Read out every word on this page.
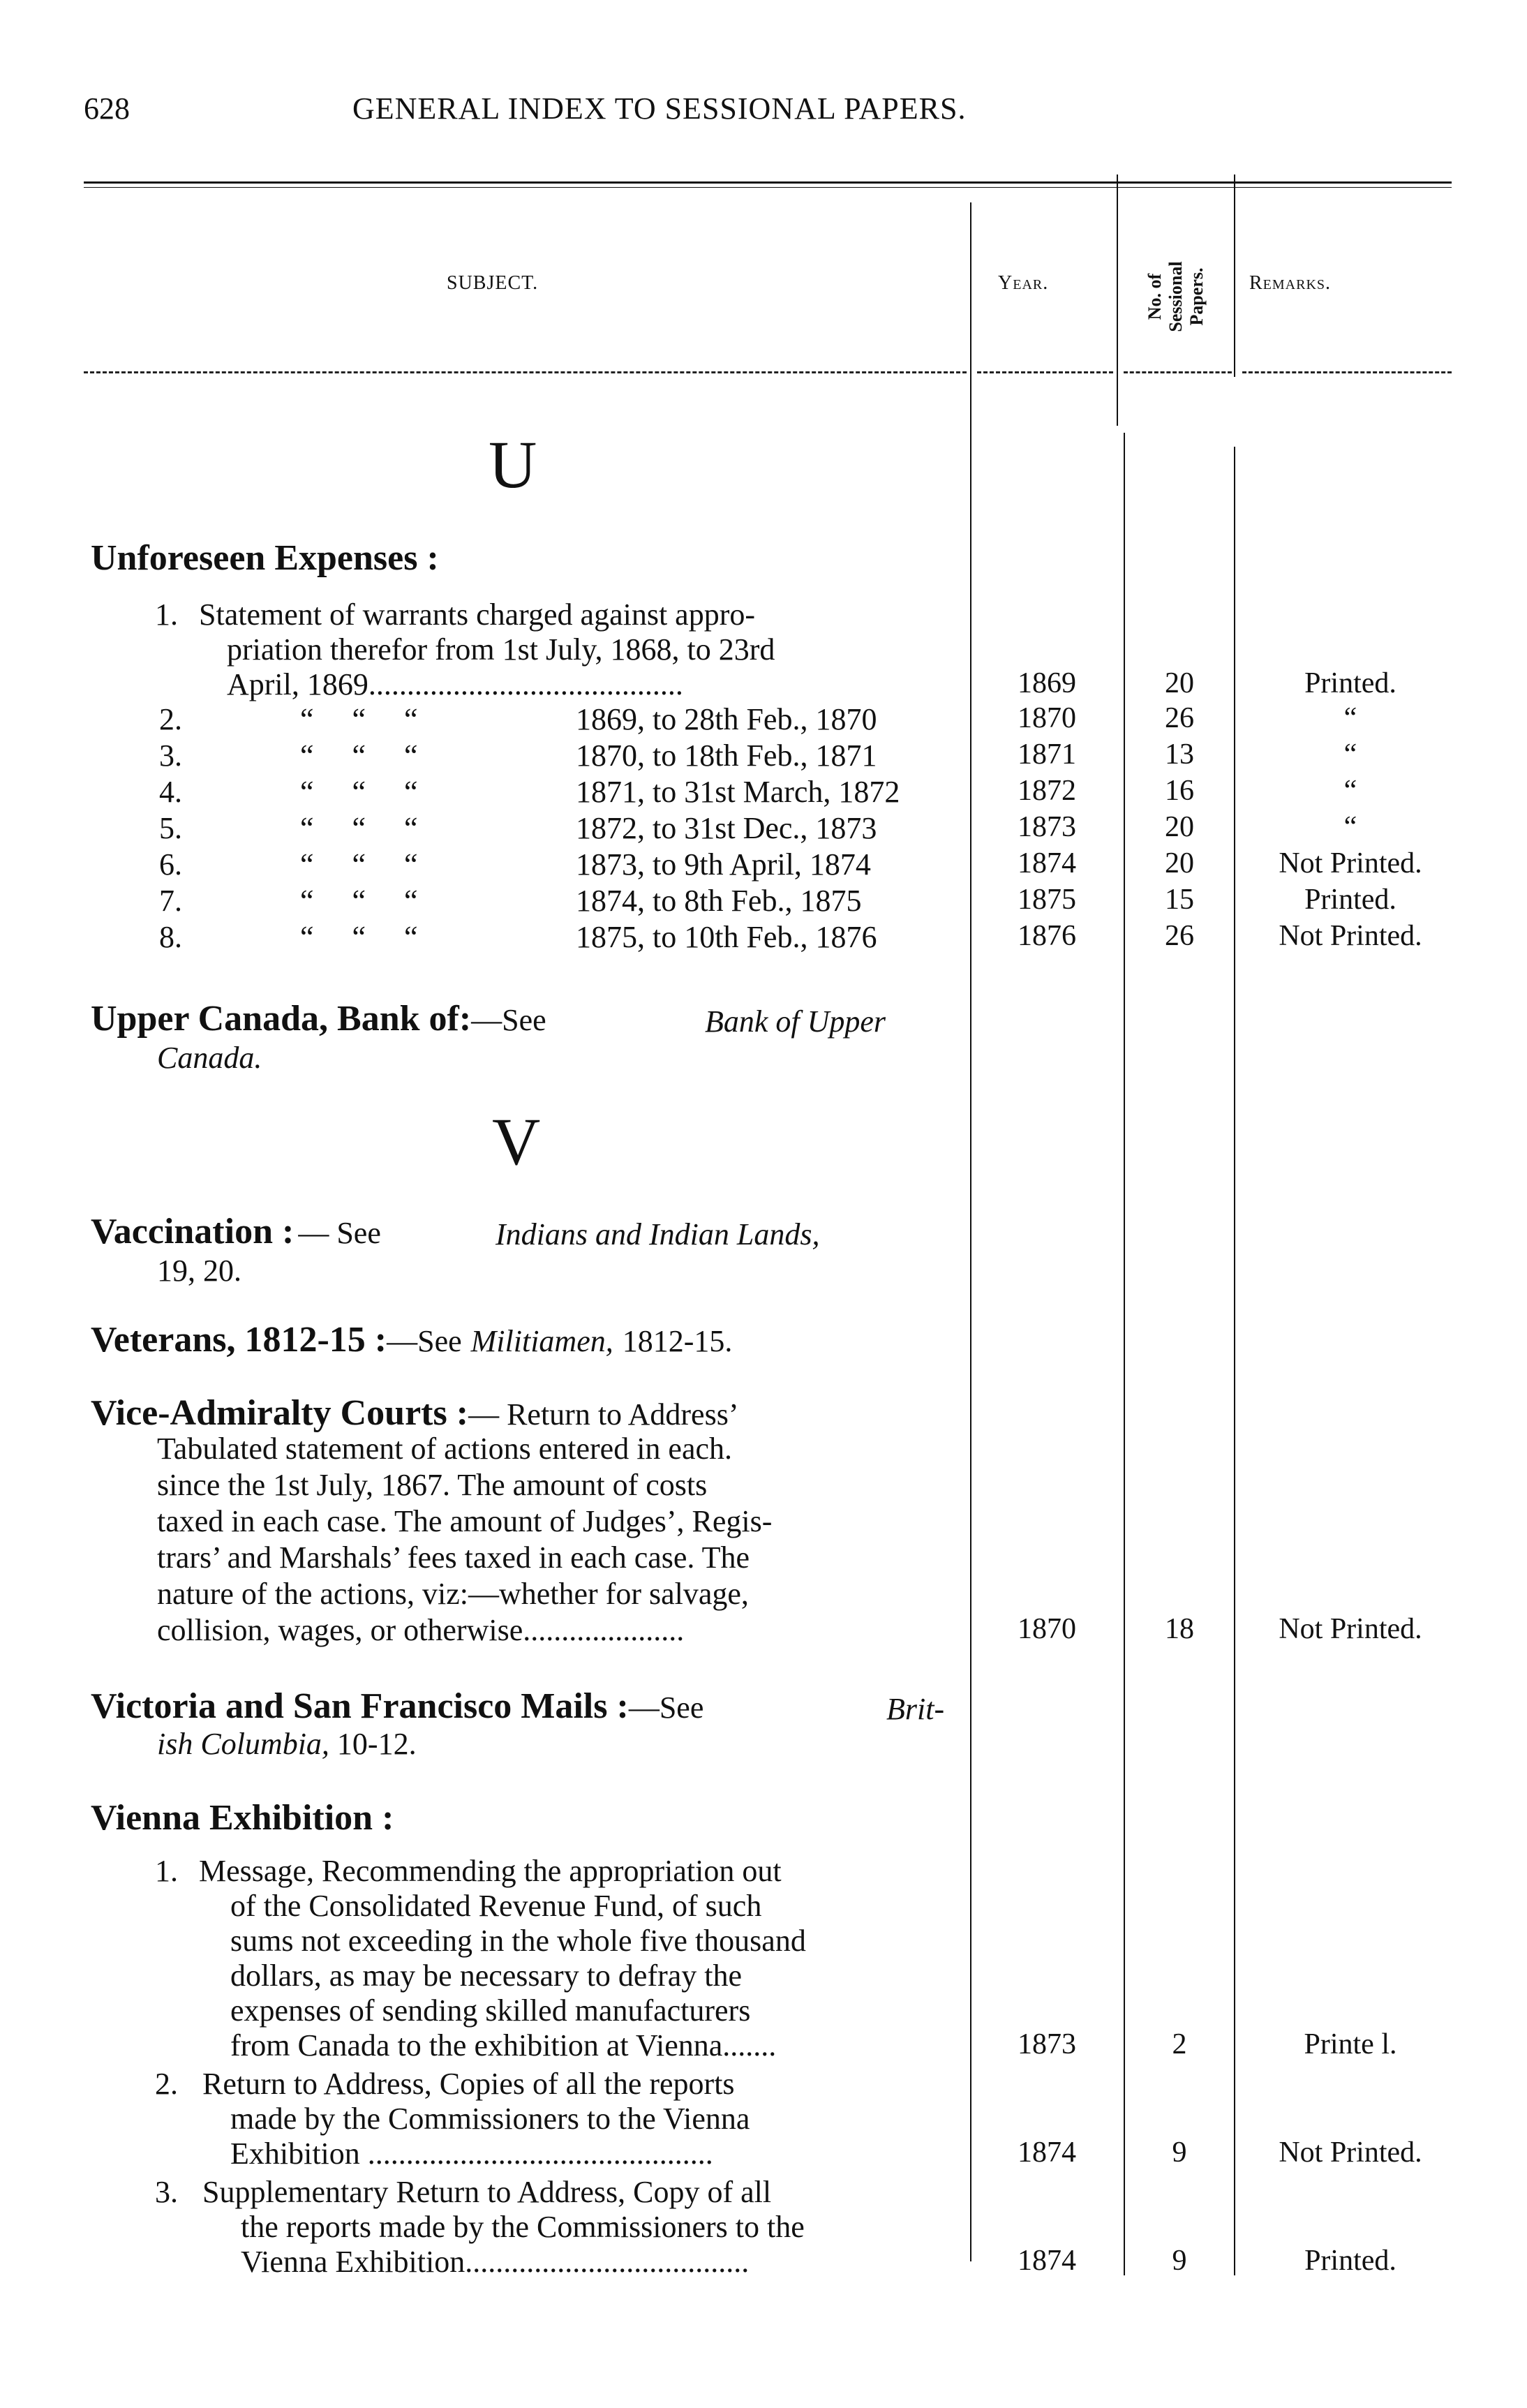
628	GENERAL INDEX TO SESSIONAL PAPERS.
SUBJECT.	Year.	No. of Sessional Papers. Remarks.
U
Unforeseen Expenses :
1. Statement of warrants charged against appro-
priation therefor from 1st July, 1868, to 23rd
April, 1869.........................................	1869	20	Printed.
2.	“     “     “	1869, to 28th Feb., 1870	1870	26	“
3.	“     “     “	1870, to 18th Feb., 1871	1871	13	“
4.	“     “     “	1871, to 31st March, 1872	1872	16	“
5.	“     “     “	1872, to 31st Dec., 1873	1873	20	“
6.	“     “     “	1873, to 9th April, 1874	1874	20	Not Printed.
7.	“     “     “	1874, to 8th Feb., 1875	1875	15	Printed.
8.	“     “     “	1875, to 10th Feb., 1876	1876	26	Not Printed.
Upper Canada, Bank of:—See	Bank of Upper
Canada.
V
Vaccination : — See	Indians and Indian Lands,
19, 20.
Veterans, 1812-15 :—See Militiamen, 1812-15.
Vice-Admiralty Courts :— Return to Address’
Tabulated statement of actions entered in each.
since the 1st July, 1867. The amount of costs
taxed in each case. The amount of Judges’, Regis-
trars’ and Marshals’ fees taxed in each case. The
nature of the actions, viz:—whether for salvage,
collision, wages, or otherwise.....................	1870	18	Not Printed.
Victoria and San Francisco Mails :—See	Brit-
ish Columbia, 10-12.
Vienna Exhibition :
1. Message, Recommending the appropriation out
of the Consolidated Revenue Fund, of such
sums not exceeding in the whole five thousand
dollars, as may be necessary to defray the
expenses of sending skilled manufacturers
from Canada to the exhibition at Vienna.......	1873	2	Printe l.
2. Return to Address, Copies of all the reports
made by the Commissioners to the Vienna
Exhibition .............................................	1874	9	Not Printed.
3. Supplementary Return to Address, Copy of all
the reports made by the Commissioners to the
Vienna Exhibition.....................................	1874	9	Printed.
